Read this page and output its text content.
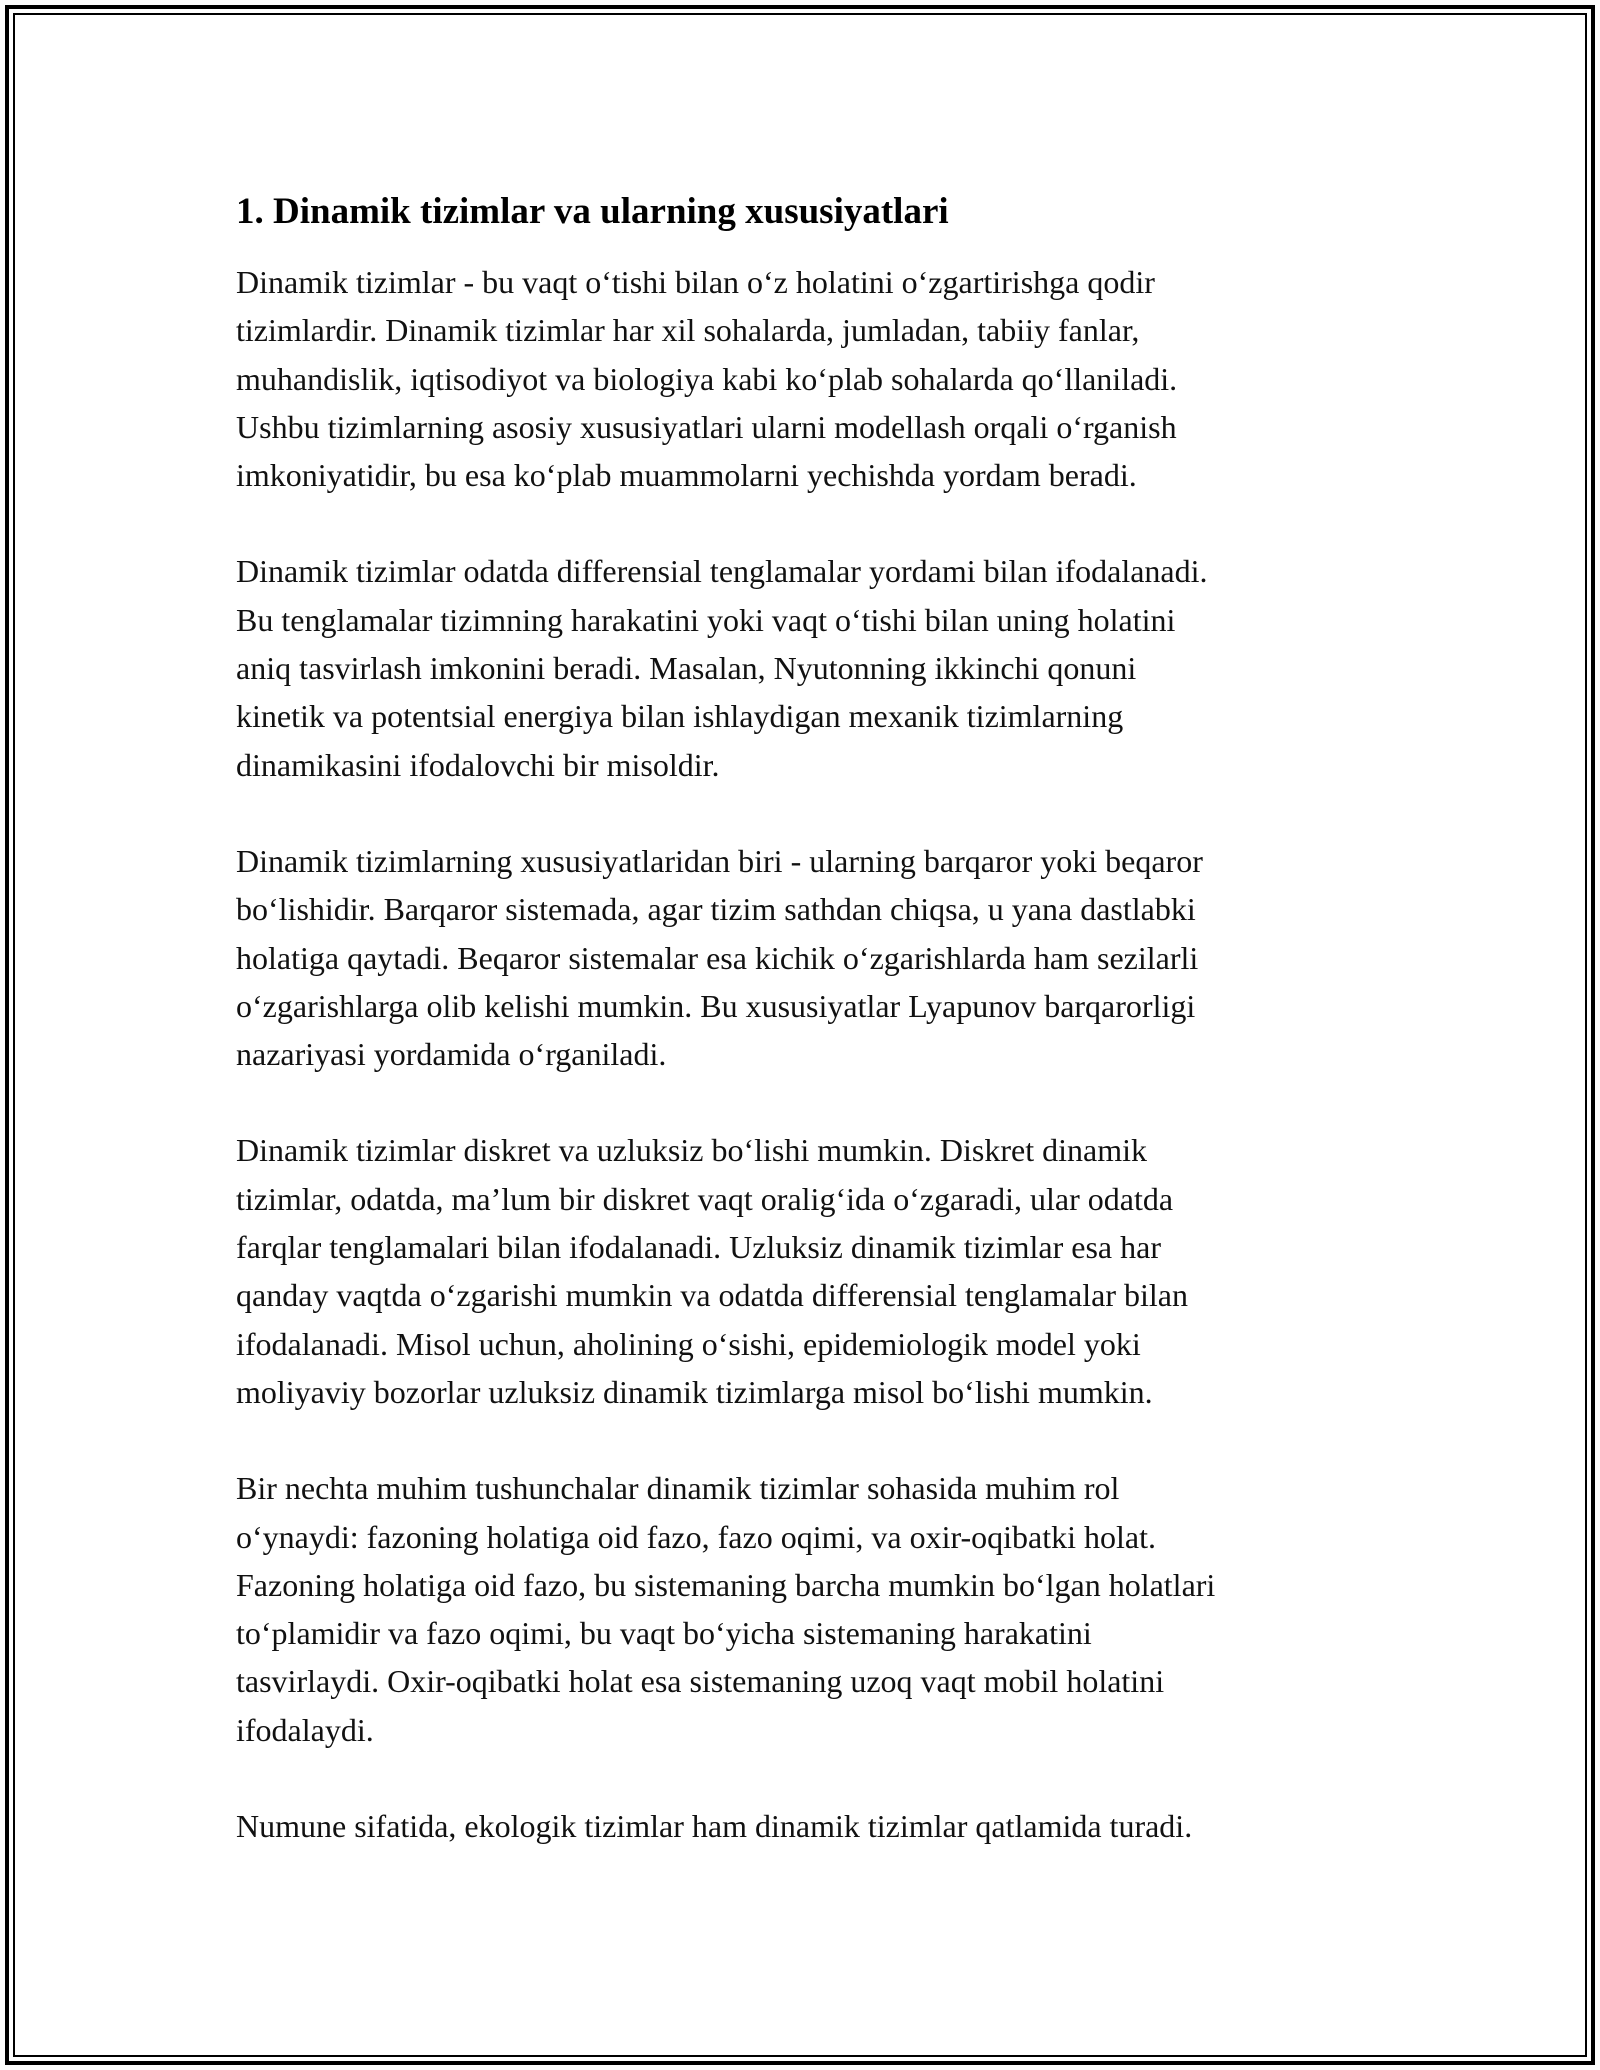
1. Dinamik tizimlar va ularning xususiyatlari

Dinamik tizimlar - bu vaqt o‘tishi bilan o‘z holatini o‘zgartirishga qodir
tizimlardir. Dinamik tizimlar har xil sohalarda, jumladan, tabiiy fanlar,
muhandislik, iqtisodiyot va biologiya kabi ko‘plab sohalarda qo‘llaniladi.
Ushbu tizimlarning asosiy xususiyatlari ularni modellash orqali o‘rganish
imkoniyatidir, bu esa ko‘plab muammolarni yechishda yordam beradi.

Dinamik tizimlar odatda differensial tenglamalar yordami bilan ifodalanadi.
Bu tenglamalar tizimning harakatini yoki vaqt o‘tishi bilan uning holatini
aniq tasvirlash imkonini beradi. Masalan, Nyutonning ikkinchi qonuni
kinetik va potentsial energiya bilan ishlaydigan mexanik tizimlarning
dinamikasini ifodalovchi bir misoldir.

Dinamik tizimlarning xususiyatlaridan biri - ularning barqaror yoki beqaror
bo‘lishidir. Barqaror sistemada, agar tizim sathdan chiqsa, u yana dastlabki
holatiga qaytadi. Beqaror sistemalar esa kichik o‘zgarishlarda ham sezilarli
o‘zgarishlarga olib kelishi mumkin. Bu xususiyatlar Lyapunov barqarorligi
nazariyasi yordamida o‘rganiladi.

Dinamik tizimlar diskret va uzluksiz bo‘lishi mumkin. Diskret dinamik
tizimlar, odatda, ma’lum bir diskret vaqt oralig‘ida o‘zgaradi, ular odatda
farqlar tenglamalari bilan ifodalanadi. Uzluksiz dinamik tizimlar esa har
qanday vaqtda o‘zgarishi mumkin va odatda differensial tenglamalar bilan
ifodalanadi. Misol uchun, aholining o‘sishi, epidemiologik model yoki
moliyaviy bozorlar uzluksiz dinamik tizimlarga misol bo‘lishi mumkin.

Bir nechta muhim tushunchalar dinamik tizimlar sohasida muhim rol
o‘ynaydi: fazoning holatiga oid fazo, fazo oqimi, va oxir-oqibatki holat.
Fazoning holatiga oid fazo, bu sistemaning barcha mumkin bo‘lgan holatlari
to‘plamidir va fazo oqimi, bu vaqt bo‘yicha sistemaning harakatini
tasvirlaydi. Oxir-oqibatki holat esa sistemaning uzoq vaqt mobil holatini
ifodalaydi.

Numune sifatida, ekologik tizimlar ham dinamik tizimlar qatlamida turadi.
